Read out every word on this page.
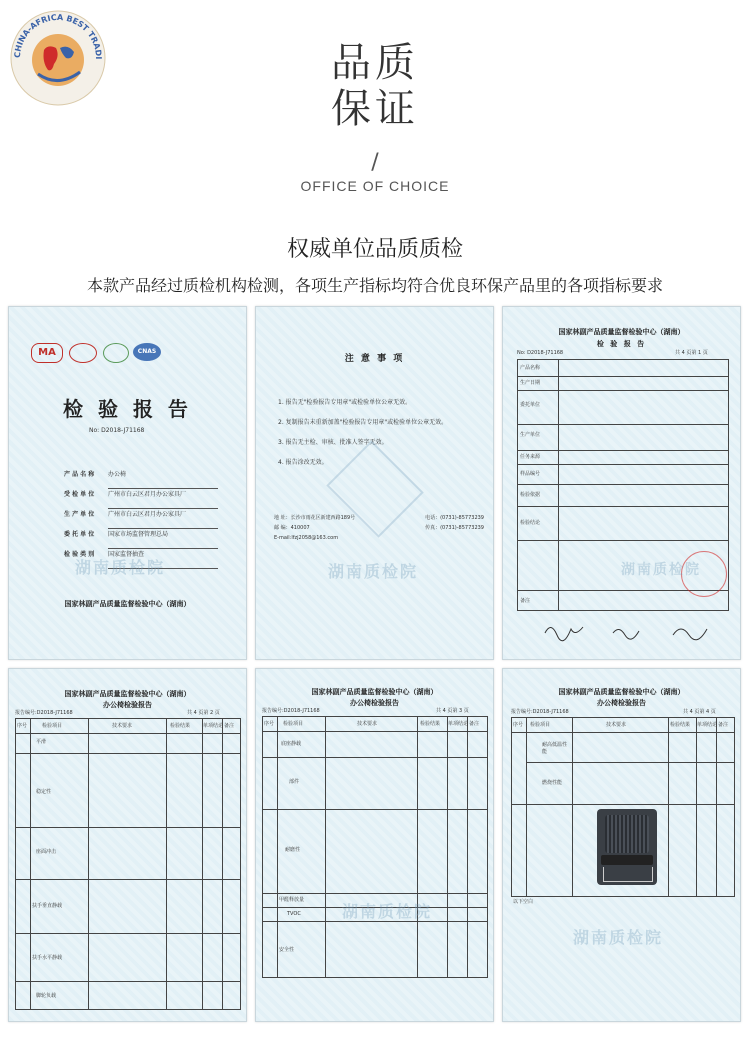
CHINA-AFRICA BEST TRADI	品质
保证
/
OFFICE OF CHOICE
权威单位品质质检
本款产品经过质检机构检测，各项生产指标均符合优良环保产品里的各项指标要求
MA	CNAS
检 验 报 告
No: D2018-J71168
产 品 名 称	办公椅
受 检 单 位	广州市白云区君月办公家具厂
生 产 单 位	广州市白云区君月办公家具厂
委 托 单 位	国家市场监督管理总局
检 验 类 别	国家监督抽查
湖南质检院
国家林副产品质量监督检验中心（湖南）
注 意 事 项
1. 报告无"检验报告专用章"或检验单位公章无效。
2. 复制报告未重新加盖"检验报告专用章"或检验单位公章无效。
3. 报告无主检、审核、批准人签字无效。
4. 报告涂改无效。
地 址：长沙市雨花区新建西路189号	电话：(0731)-85773239
邮 编：410007	传真：(0731)-85773239
E-mail:lfzj2058@163.com
湖南质检院
国家林副产品质量监督检验中心（湖南）
检 验 报 告
No: D2018-J71168	共 4 页第 1 页
产品名称
生产日期
委托单位
生产单位
任务来源
样品编号
检验依据
检验结论
备注
湖南质检院
国家林副产品质量监督检验中心（湖南）
办公椅检验报告
报告编号:D2018-J71168	共 4 页第 2 页
序号	检验项目	技术要求	检验结果	单项结论 备注
平滑
稳定性
座面冲击
扶手垂直静载
扶手水平静载
脚轮负载
国家林副产品质量监督检验中心（湖南）
办公椅检验报告
报告编号:D2018-J71168	共 4 页第 3 页
序号 检验项目	技术要求	检验结果 单项结论 备注
底座静载
部件
耐磨性
甲醛释放量
TVOC
安全性
湖南质检院
国家林副产品质量监督检验中心（湖南）
办公椅检验报告
报告编号:D2018-J71168	共 4 页第 4 页
序号 检验项目	技术要求	检验结果 单项结论 备注
耐高低温性能
燃烧性能
以下空白
湖南质检院
